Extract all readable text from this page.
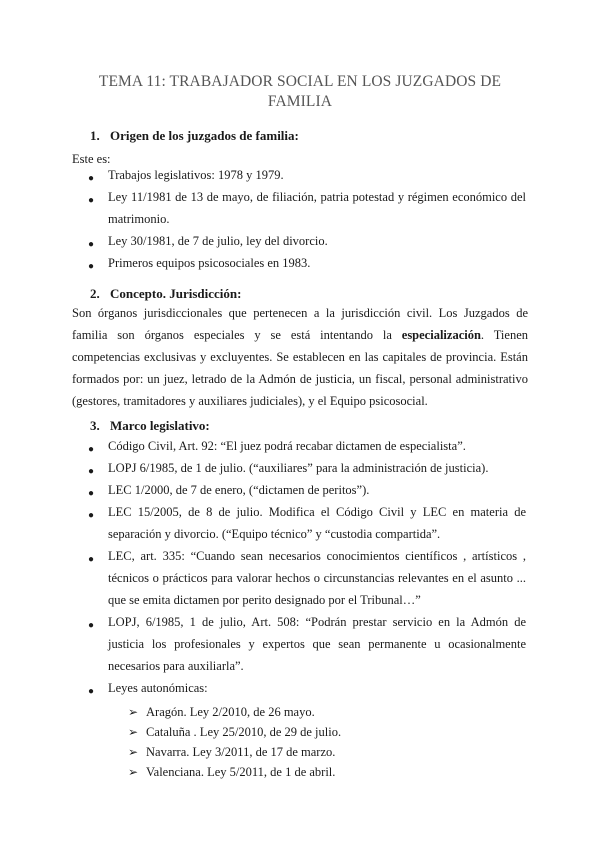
TEMA 11: TRABAJADOR SOCIAL EN LOS JUZGADOS DE
FAMILIA
1. Origen de los juzgados de familia:
Este es:
● Trabajos legislativos: 1978 y 1979.
● Ley 11/1981 de 13 de mayo, de filiación, patria potestad y régimen económico del matrimonio.
● Ley 30/1981, de 7 de julio, ley del divorcio.
● Primeros equipos psicosociales en 1983.
2. Concepto. Jurisdicción:
Son órganos jurisdiccionales que pertenecen a la jurisdicción civil. Los Juzgados de familia son órganos especiales y se está intentando la especialización. Tienen competencias exclusivas y excluyentes. Se establecen en las capitales de provincia. Están formados por: un juez, letrado de la Admón de justicia, un fiscal, personal administrativo (gestores, tramitadores y auxiliares judiciales), y el Equipo psicosocial.
3. Marco legislativo:
● Código Civil, Art. 92: “El juez podrá recabar dictamen de especialista”.
● LOPJ 6/1985, de 1 de julio. (“auxiliares” para la administración de justicia).
● LEC 1/2000, de 7 de enero, (“dictamen de peritos”).
● LEC 15/2005, de 8 de julio. Modifica el Código Civil y LEC en materia de separación y divorcio. (“Equipo técnico” y “custodia compartida”.
● LEC, art. 335: “Cuando sean necesarios conocimientos científicos , artísticos , técnicos o prácticos para valorar hechos o circunstancias relevantes en el asunto ... que se emita dictamen por perito designado por el Tribunal…”
● LOPJ, 6/1985, 1 de julio, Art. 508: “Podrán prestar servicio en la Admón de justicia los profesionales y expertos que sean permanente u ocasionalmente necesarios para auxiliarla”.
● Leyes autonómicas:
➢ Aragón. Ley 2/2010, de 26 mayo.
➢ Cataluña . Ley 25/2010, de 29 de julio.
➢ Navarra. Ley 3/2011, de 17 de marzo.
➢ Valenciana. Ley 5/2011, de 1 de abril.
